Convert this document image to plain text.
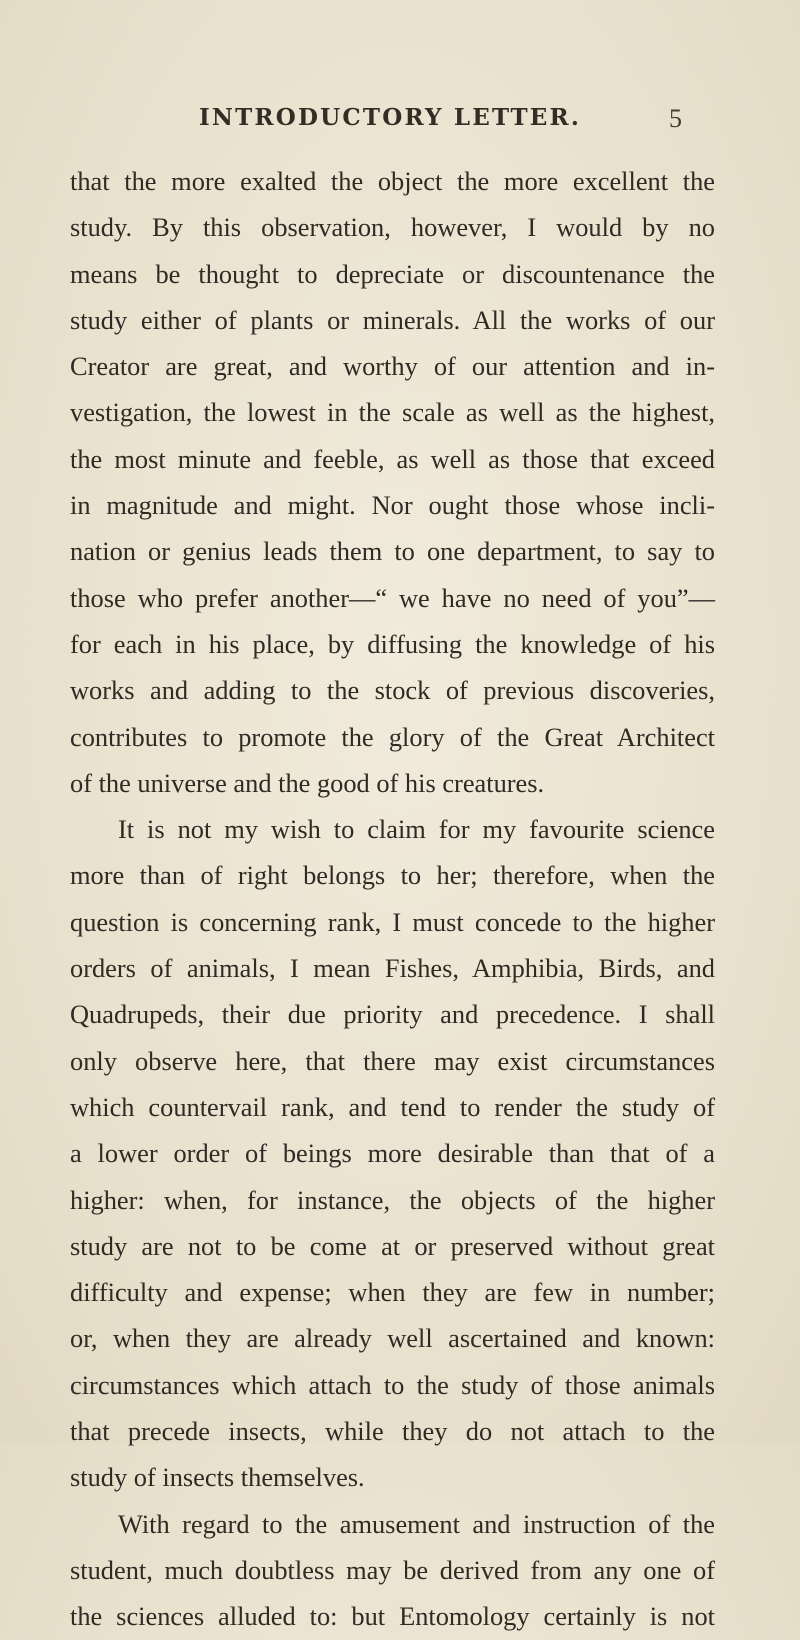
INTRODUCTORY LETTER.	5
that the more exalted the object the more excellent the
study. By this observation, however, I would by no
means be thought to depreciate or discountenance the
study either of plants or minerals. All the works of our
Creator are great, and worthy of our attention and in-
vestigation, the lowest in the scale as well as the highest,
the most minute and feeble, as well as those that exceed
in magnitude and might. Nor ought those whose incli-
nation or genius leads them to one department, to say to
those who prefer another—“ we have no need of you”—
for each in his place, by diffusing the knowledge of his
works and adding to the stock of previous discoveries,
contributes to promote the glory of the Great Architect
of the universe and the good of his creatures.
It is not my wish to claim for my favourite science
more than of right belongs to her; therefore, when the
question is concerning rank, I must concede to the higher
orders of animals, I mean Fishes, Amphibia, Birds, and
Quadrupeds, their due priority and precedence. I shall
only observe here, that there may exist circumstances
which countervail rank, and tend to render the study of
a lower order of beings more desirable than that of a
higher: when, for instance, the objects of the higher
study are not to be come at or preserved without great
difficulty and expense; when they are few in number;
or, when they are already well ascertained and known:
circumstances which attach to the study of those animals
that precede insects, while they do not attach to the
study of insects themselves.
With regard to the amusement and instruction of the
student, much doubtless may be derived from any one of
the sciences alluded to: but Entomology certainly is not
